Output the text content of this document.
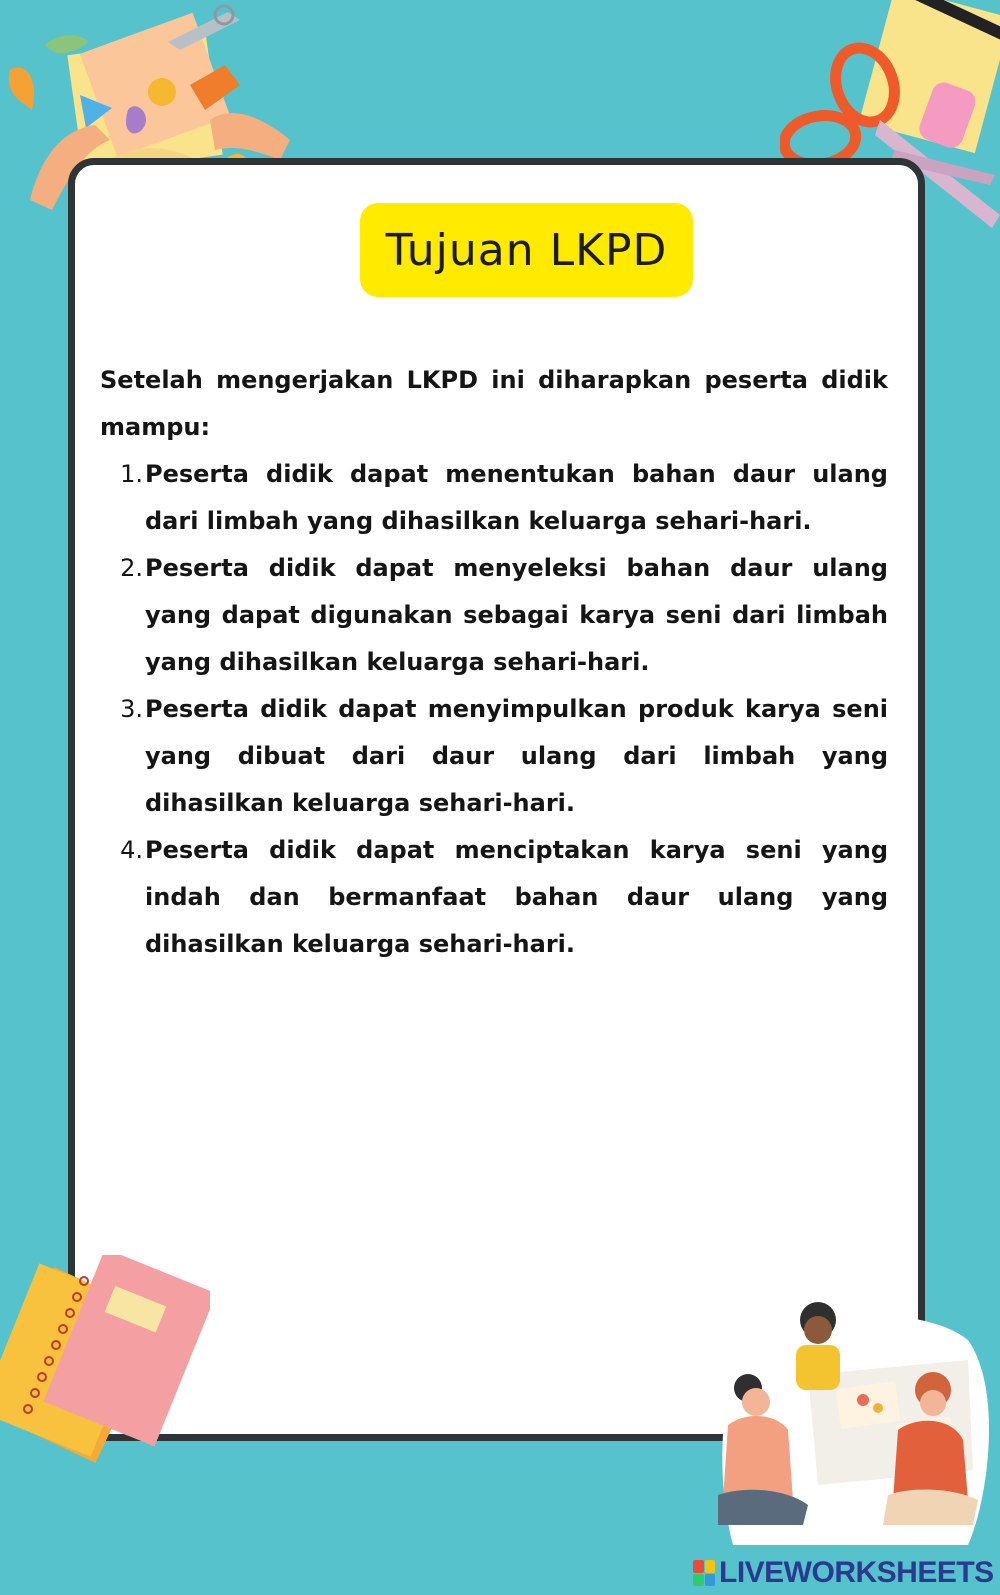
Tujuan LKPD

Setelah mengerjakan LKPD ini diharapkan peserta didik mampu:

1. Peserta didik dapat menentukan bahan daur ulang dari limbah yang dihasilkan keluarga sehari-hari.
2. Peserta didik dapat menyeleksi bahan daur ulang yang dapat digunakan sebagai karya seni dari limbah yang dihasilkan keluarga sehari-hari.
3. Peserta didik dapat menyimpulkan produk karya seni yang dibuat dari daur ulang dari limbah yang dihasilkan keluarga sehari-hari.
4. Peserta didik dapat menciptakan karya seni yang indah dan bermanfaat bahan daur ulang yang dihasilkan keluarga sehari-hari.
LIVEWORKSHEETS
